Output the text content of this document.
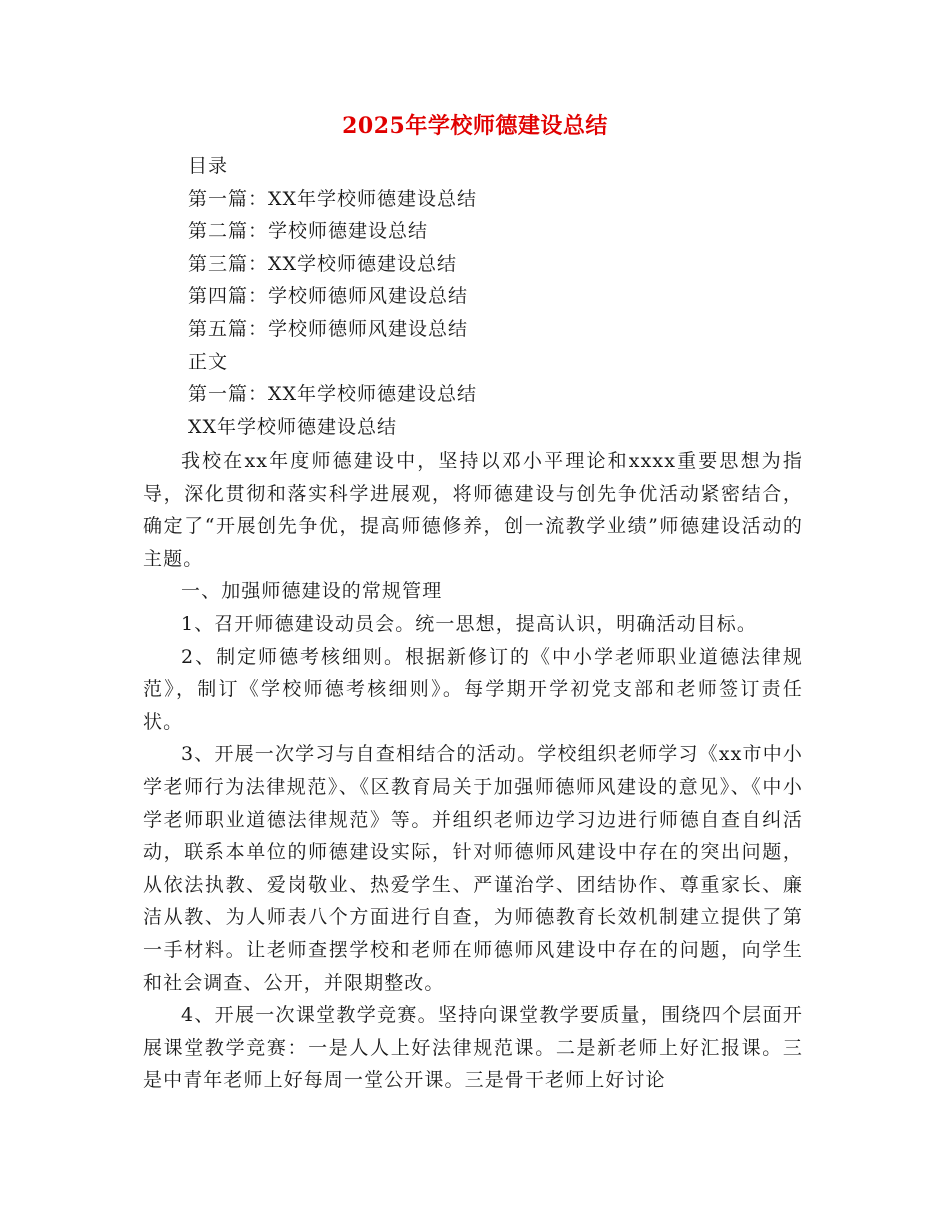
2025年学校师德建设总结
目录
第一篇：XX年学校师德建设总结
第二篇：学校师德建设总结
第三篇：XX学校师德建设总结
第四篇：学校师德师风建设总结
第五篇：学校师德师风建设总结
正文
第一篇：XX年学校师德建设总结
XX年学校师德建设总结

我校在xx年度师德建设中，坚持以邓小平理论和xxxx重要思想为指导，深化贯彻和落实科学进展观，将师德建设与创先争优活动紧密结合，确定了“开展创先争优，提高师德修养，创一流教学业绩”师德建设活动的主题。

一、加强师德建设的常规管理

1、召开师德建设动员会。统一思想，提高认识，明确活动目标。

2、制定师德考核细则。根据新修订的《中小学老师职业道德法律规范》，制订《学校师德考核细则》。每学期开学初党支部和老师签订责任状。

3、开展一次学习与自查相结合的活动。学校组织老师学习《xx市中小学老师行为法律规范》、《区教育局关于加强师德师风建设的意见》、《中小学老师职业道德法律规范》等。并组织老师边学习边进行师德自查自纠活动，联系本单位的师德建设实际，针对师德师风建设中存在的突出问题，从依法执教、爱岗敬业、热爱学生、严谨治学、团结协作、尊重家长、廉洁从教、为人师表八个方面进行自查，为师德教育长效机制建立提供了第一手材料。让老师查摆学校和老师在师德师风建设中存在的问题，向学生和社会调查、公开，并限期整改。

4、开展一次课堂教学竞赛。坚持向课堂教学要质量，围绕四个层面开展课堂教学竞赛：一是人人上好法律规范课。二是新老师上好汇报课。三是中青年老师上好每周一堂公开课。三是骨干老师上好讨论
